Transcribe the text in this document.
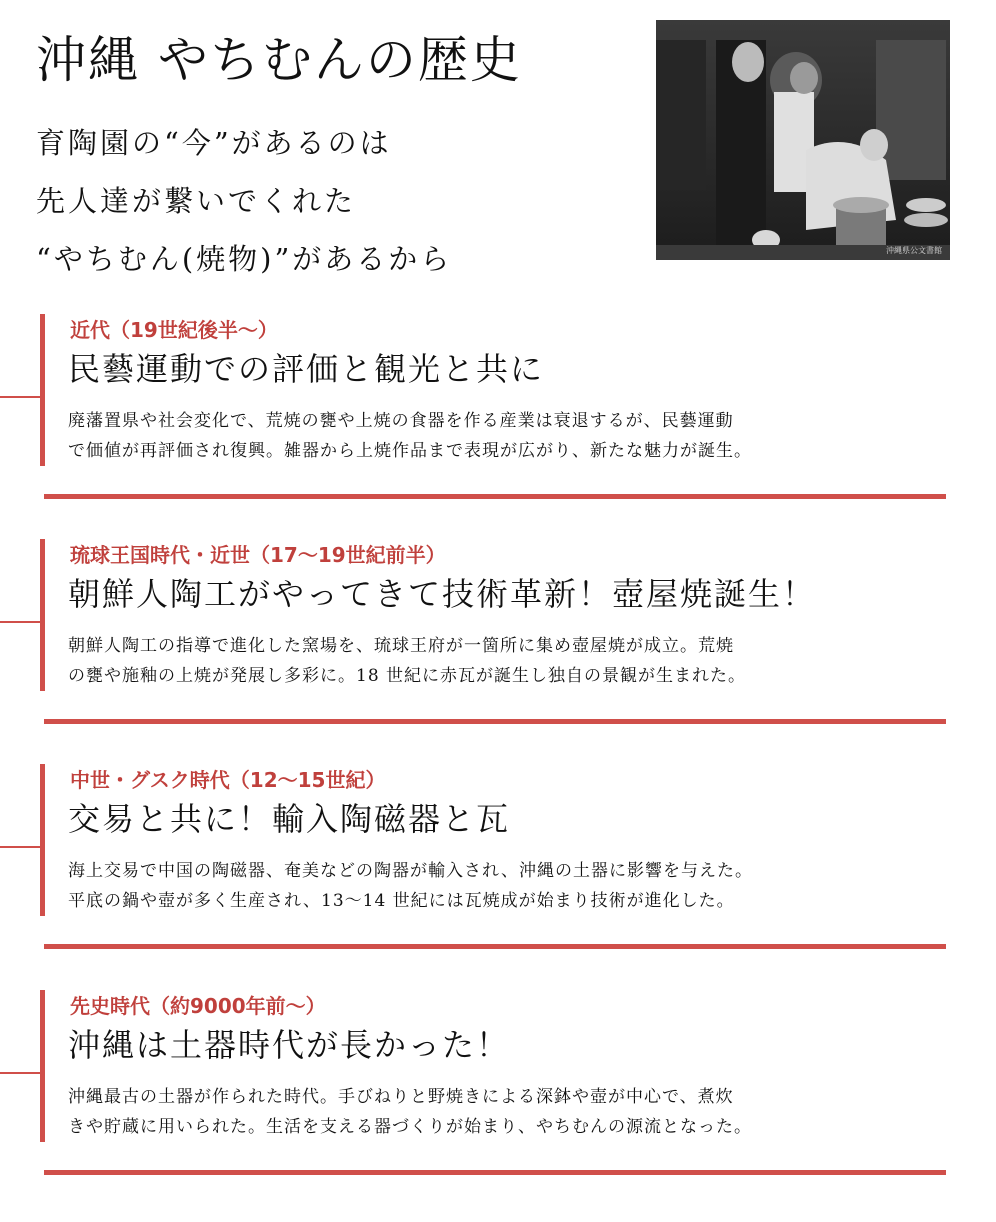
沖縄 やちむんの歴史
育陶園の“今”があるのは
先人達が繋いでくれた
“やちむん(焼物)”があるから	沖縄県公文書館

近代（19世紀後半〜）

民藝運動での評価と観光と共に

廃藩置県や社会変化で、荒焼の甕や上焼の食器を作る産業は衰退するが、民藝運動
で価値が再評価され復興。雑器から上焼作品まで表現が広がり、新たな魅力が誕生。

琉球王国時代・近世（17〜19世紀前半）

朝鮮人陶工がやってきて技術革新！壺屋焼誕生！

朝鮮人陶工の指導で進化した窯場を、琉球王府が一箇所に集め壺屋焼が成立。荒焼
の甕や施釉の上焼が発展し多彩に。18 世紀に赤瓦が誕生し独自の景観が生まれた。

中世・グスク時代（12〜15世紀）

交易と共に！輸入陶磁器と瓦

海上交易で中国の陶磁器、奄美などの陶器が輸入され、沖縄の土器に影響を与えた。
平底の鍋や壺が多く生産され、13〜14 世紀には瓦焼成が始まり技術が進化した。

先史時代（約9000年前〜）

沖縄は土器時代が長かった！

沖縄最古の土器が作られた時代。手びねりと野焼きによる深鉢や壺が中心で、煮炊
きや貯蔵に用いられた。生活を支える器づくりが始まり、やちむんの源流となった。
